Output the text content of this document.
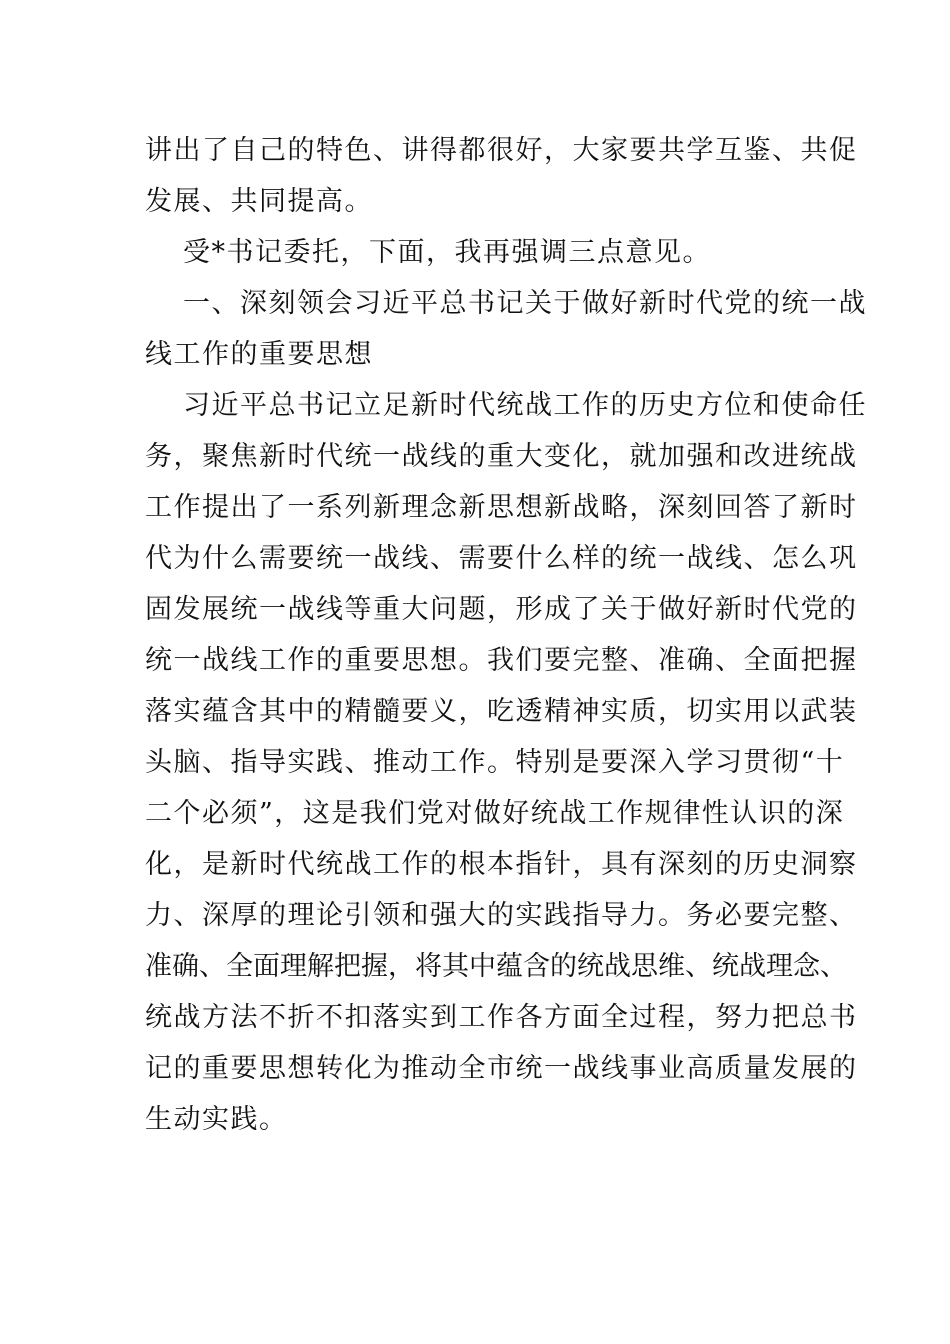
讲出了自己的特色、讲得都很好，大家要共学互鉴、共促
发展、共同提高。
受*书记委托，下面，我再强调三点意见。
一、深刻领会习近平总书记关于做好新时代党的统一战
线工作的重要思想
习近平总书记立足新时代统战工作的历史方位和使命任
务，聚焦新时代统一战线的重大变化，就加强和改进统战
工作提出了一系列新理念新思想新战略，深刻回答了新时
代为什么需要统一战线、需要什么样的统一战线、怎么巩
固发展统一战线等重大问题，形成了关于做好新时代党的
统一战线工作的重要思想。我们要完整、准确、全面把握
落实蕴含其中的精髓要义，吃透精神实质，切实用以武装
头脑、指导实践、推动工作。特别是要深入学习贯彻“十
二个必须”，这是我们党对做好统战工作规律性认识的深
化，是新时代统战工作的根本指针，具有深刻的历史洞察
力、深厚的理论引领和强大的实践指导力。务必要完整、
准确、全面理解把握，将其中蕴含的统战思维、统战理念、
统战方法不折不扣落实到工作各方面全过程，努力把总书
记的重要思想转化为推动全市统一战线事业高质量发展的
生动实践。
